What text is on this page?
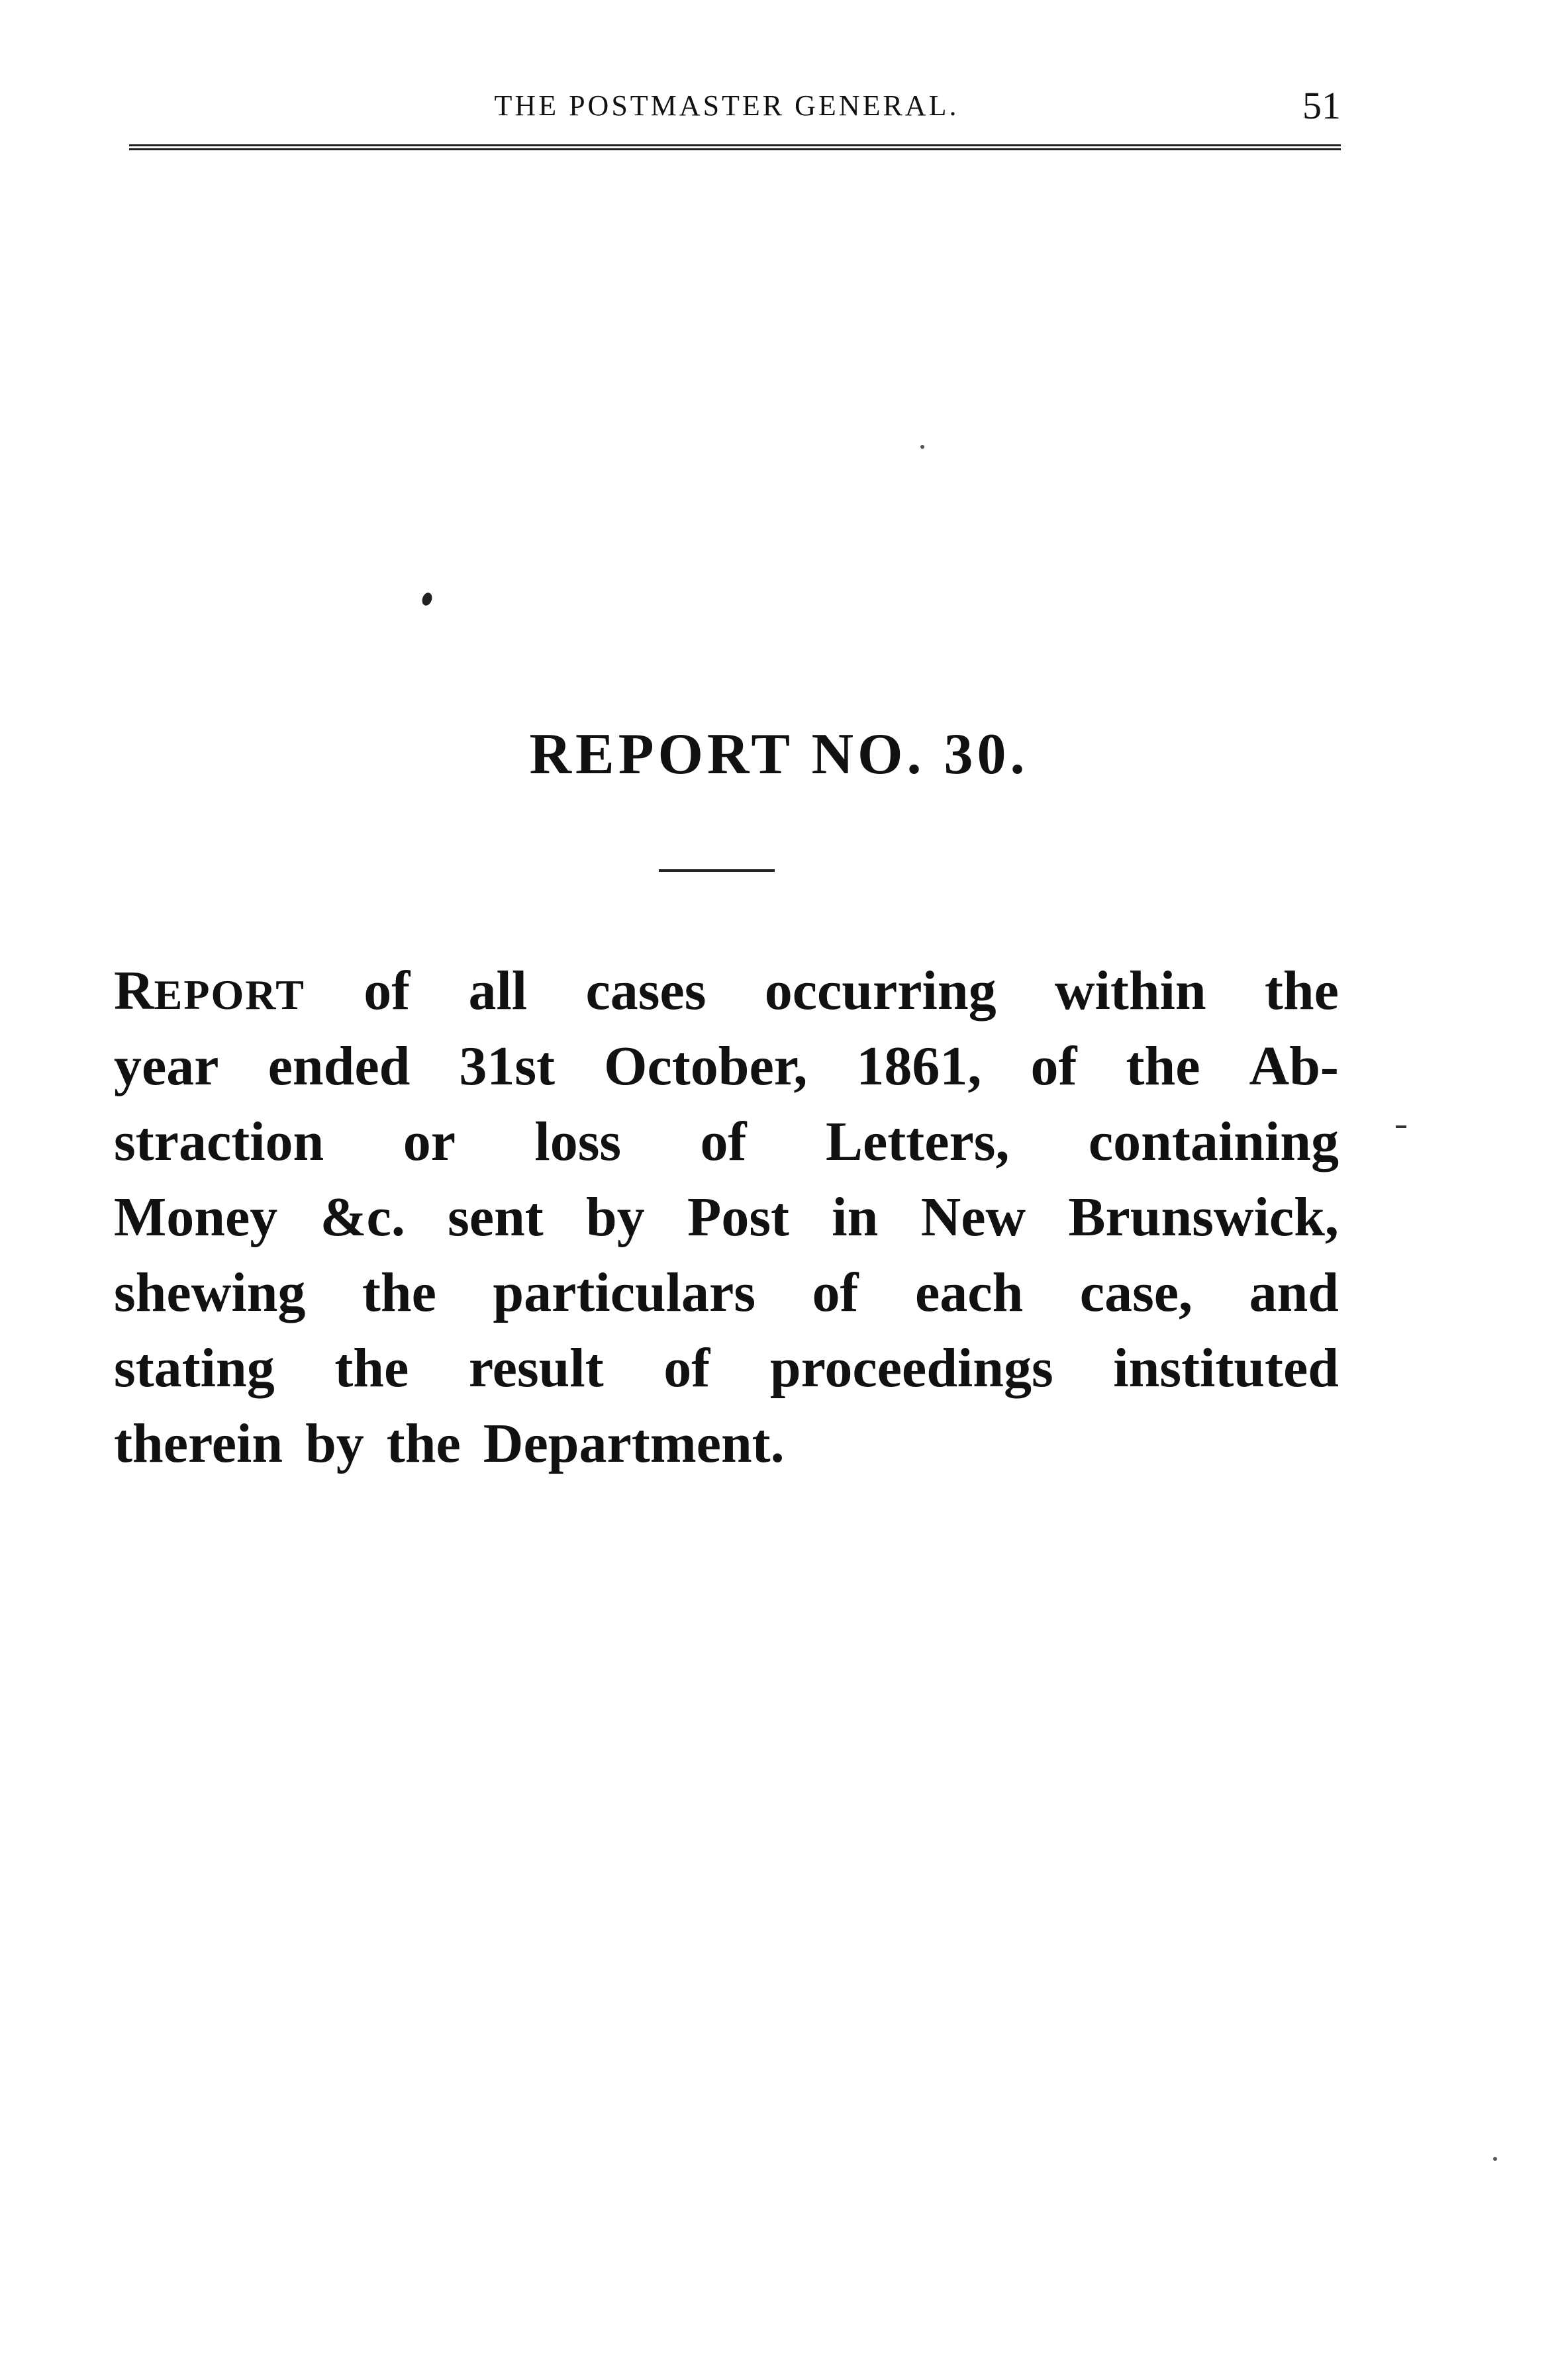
THE POSTMASTER GENERAL.	51
REPORT NO. 30.
REPORT of all cases occurring within the
year ended 31st October, 1861, of the Ab-
straction or loss of Letters, containing
Money &c. sent by Post in New Brunswick,
shewing the particulars of each case, and
stating the result of proceedings instituted
therein by the Department.
